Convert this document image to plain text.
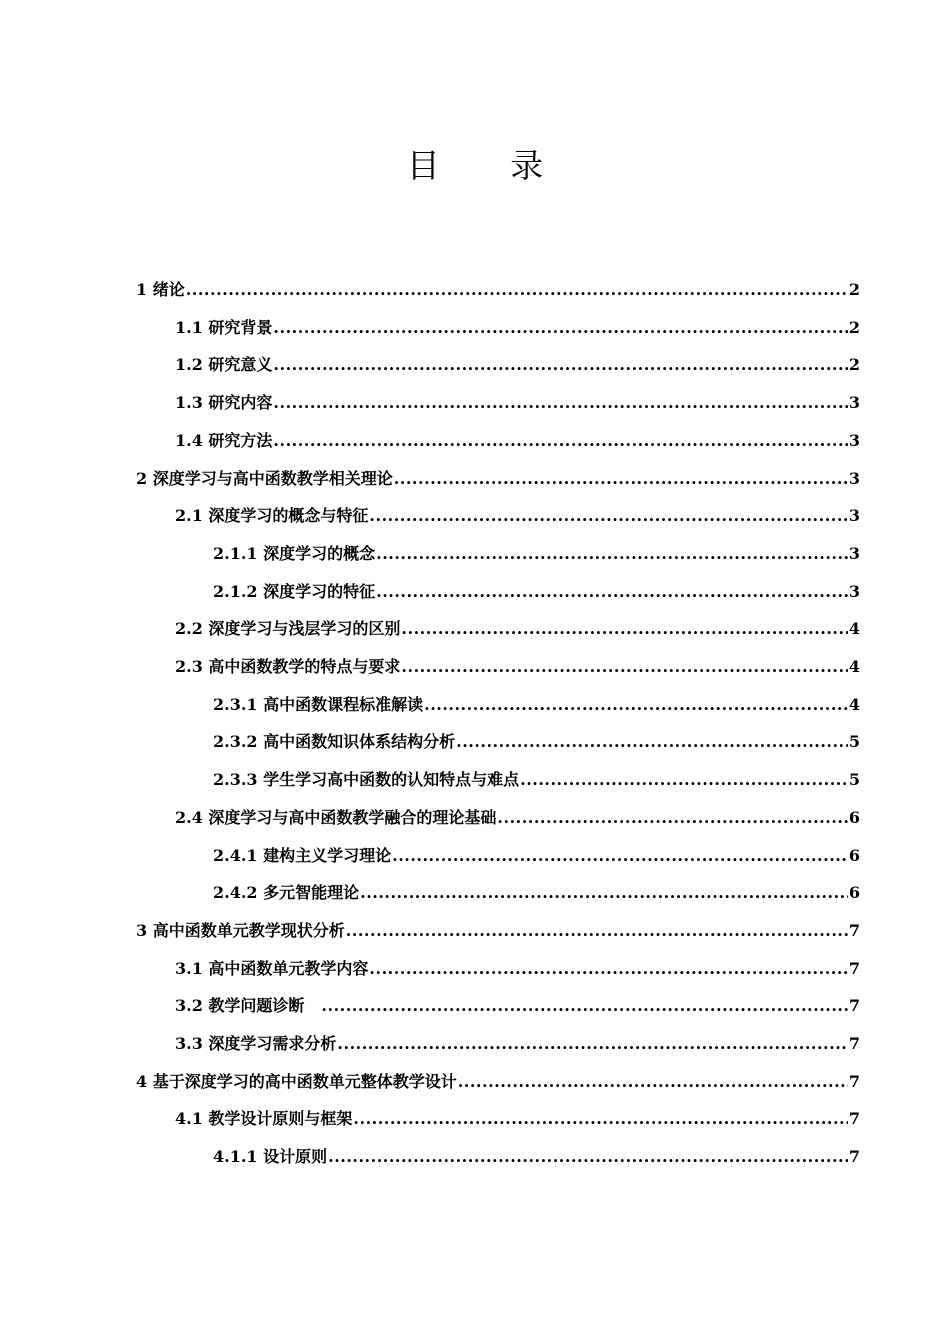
目 录
1 绪论 .....	2
1.1 研究背景 .....	2
1.2 研究意义 .....	2
1.3 研究内容 .....	3
1.4 研究方法 .....	3
2 深度学习与高中函数教学相关理论 .....	3
2.1 深度学习的概念与特征 .....	3
2.1.1 深度学习的概念 .....	3
2.1.2 深度学习的特征 .....	3
2.2 深度学习与浅层学习的区别 .....	4
2.3 高中函数教学的特点与要求 .....	4
2.3.1 高中函数课程标准解读 .....	4
2.3.2 高中函数知识体系结构分析 .....	5
2.3.3 学生学习高中函数的认知特点与难点 .....	5
2.4 深度学习与高中函数教学融合的理论基础 .....	6
2.4.1 建构主义学习理论 .....	6
2.4.2 多元智能理论 .....	6
3 高中函数单元教学现状分析 .....	7
3.1 高中函数单元教学内容 .....	7
3.2 教学问题诊断　 .....	7
3.3 深度学习需求分析 .....	7
4 基于深度学习的高中函数单元整体教学设计 .....	7
4.1 教学设计原则与框架 .....	7
4.1.1 设计原则 .....	7
